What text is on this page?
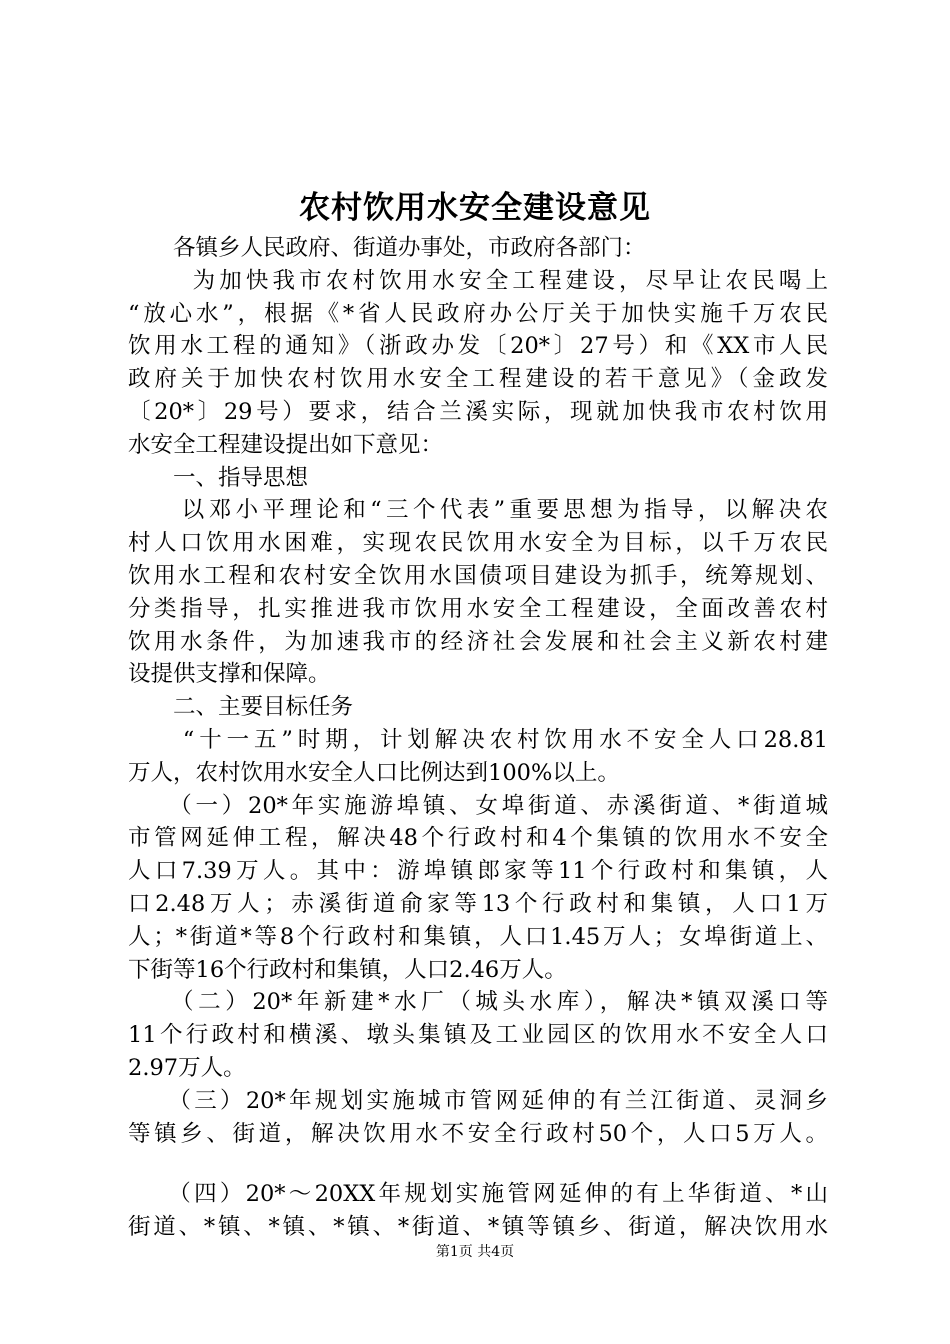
农村饮用水安全建设意见
　　各镇乡人民政府、街道办事处，市政府各部门：
　　 为加快我市农村饮用水安全工程建设，尽早让农民喝上
“放心水”，根据《*省人民政府办公厅关于加快实施千万农民
饮用水工程的通知》（浙政办发〔20*〕27号）和《XX市人民
政府关于加快农村饮用水安全工程建设的若干意见》（金政发
〔20*〕29号）要求，结合兰溪实际，现就加快我市农村饮用
水安全工程建设提出如下意见：
　　一、指导思想
　　以邓小平理论和“三个代表”重要思想为指导，以解决农
村人口饮用水困难，实现农民饮用水安全为目标，以千万农民
饮用水工程和农村安全饮用水国债项目建设为抓手，统筹规划、
分类指导，扎实推进我市饮用水安全工程建设，全面改善农村
饮用水条件，为加速我市的经济社会发展和社会主义新农村建
设提供支撑和保障。
　　二、主要目标任务
　　“十一五”时期，计划解决农村饮用水不安全人口28.81
万人，农村饮用水安全人口比例达到100%以上。
　　（一）20*年实施游埠镇、女埠街道、赤溪街道、*街道城
市管网延伸工程，解决48个行政村和4个集镇的饮用水不安全
人口7.39万人。其中：游埠镇郎家等11个行政村和集镇，人
口2.48万人；赤溪街道俞家等13个行政村和集镇，人口1万
人；*街道*等8个行政村和集镇，人口1.45万人；女埠街道上、
下街等16个行政村和集镇，人口2.46万人。
　　（二）20*年新建*水厂（城头水库），解决*镇双溪口等
11个行政村和横溪、墩头集镇及工业园区的饮用水不安全人口
2.97万人。
　　（三）20*年规划实施城市管网延伸的有兰江街道、灵洞乡
等镇乡、街道，解决饮用水不安全行政村50个，人口5万人。
　　（四）20*～20XX年规划实施管网延伸的有上华街道、*山
街道、*镇、*镇、*镇、*街道、*镇等镇乡、街道，解决饮用水
第1页 共4页
